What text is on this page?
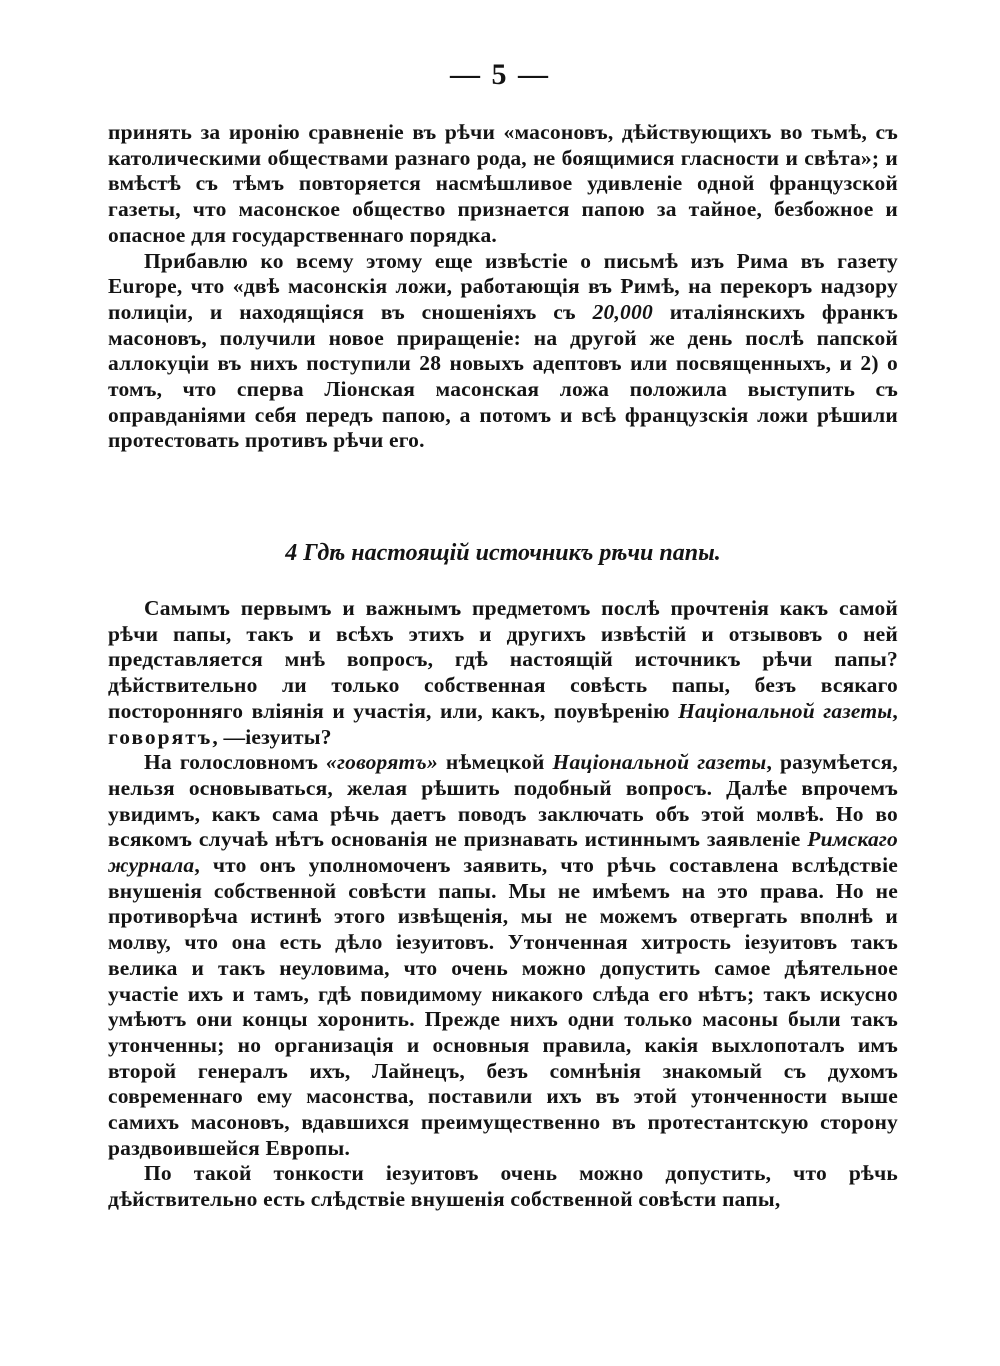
— 5 —

принять за иронію сравненіе въ рѣчи «масоновъ, дѣйствующихъ во тьмѣ, съ католическими обществами разнаго рода, не боящимися гласности и свѣта»; и вмѣстѣ съ тѣмъ повторяется насмѣшливое удивленіе одной французской газеты, что масонское общество признается папою за тайное, безбожное и опасное для государственнаго порядка.

Прибавлю ко всему этому еще извѣстіе о письмѣ изъ Рима въ газету Europe, что «двѣ масонскія ложи, работающія въ Римѣ, на перекоръ надзору полиціи, и находящіяся въ сношеніяхъ съ 20,000 италіянскихъ франкъ масоновъ, получили новое приращеніе: на другой же день послѣ папской аллокуціи въ нихъ поступили 28 новыхъ адептовъ или посвященныхъ, и 2) о томъ, что сперва Ліонская масонская ложа положила выступить съ оправданіями себя передъ папою, а потомъ и всѣ французскія ложи рѣшили протестовать противъ рѣчи его.

4 Гдѣ настоящій источникъ рѣчи папы.

Самымъ первымъ и важнымъ предметомъ послѣ прочтенія какъ самой рѣчи папы, такъ и всѣхъ этихъ и другихъ извѣстій и отзывовъ о ней представляется мнѣ вопросъ, гдѣ настоящій источникъ рѣчи папы? дѣйствительно ли только собственная совѣсть папы, безъ всякаго посторонняго вліянія и участія, или, какъ, поувѣренію Національной газеты, говорятъ, —іезуиты?

На голословномъ «говорятъ» нѣмецкой Національной газеты, разумѣется, нельзя основываться, желая рѣшить подобный вопросъ. Далѣе впрочемъ увидимъ, какъ сама рѣчь даетъ поводъ заключать объ этой молвѣ. Но во всякомъ случаѣ нѣтъ основанія не признавать истиннымъ заявленіе Римскаго журнала, что онъ уполномоченъ заявить, что рѣчь составлена вслѣдствіе внушенія собственной совѣсти папы. Мы не имѣемъ на это права. Но не противорѣча истинѣ этого извѣщенія, мы не можемъ отвергать вполнѣ и молву, что она есть дѣло іезуитовъ. Утонченная хитрость іезуитовъ такъ велика и такъ неуловима, что очень можно допустить самое дѣятельное участіе ихъ и тамъ, гдѣ повидимому никакого слѣда его нѣтъ; такъ искусно умѣютъ они концы хоронить. Прежде нихъ одни только масоны были такъ утонченны; но организація и основныя правила, какія выхлопоталъ имъ второй генералъ ихъ, Лайнецъ, безъ сомнѣнія знакомый съ духомъ современнаго ему масонства, поставили ихъ въ этой утонченности выше самихъ масоновъ, вдавшихся преимущественно въ протестантскую сторону раздвоившейся Европы.

По такой тонкости іезуитовъ очень можно допустить, что рѣчь дѣйствительно есть слѣдствіе внушенія собственной совѣсти папы,
